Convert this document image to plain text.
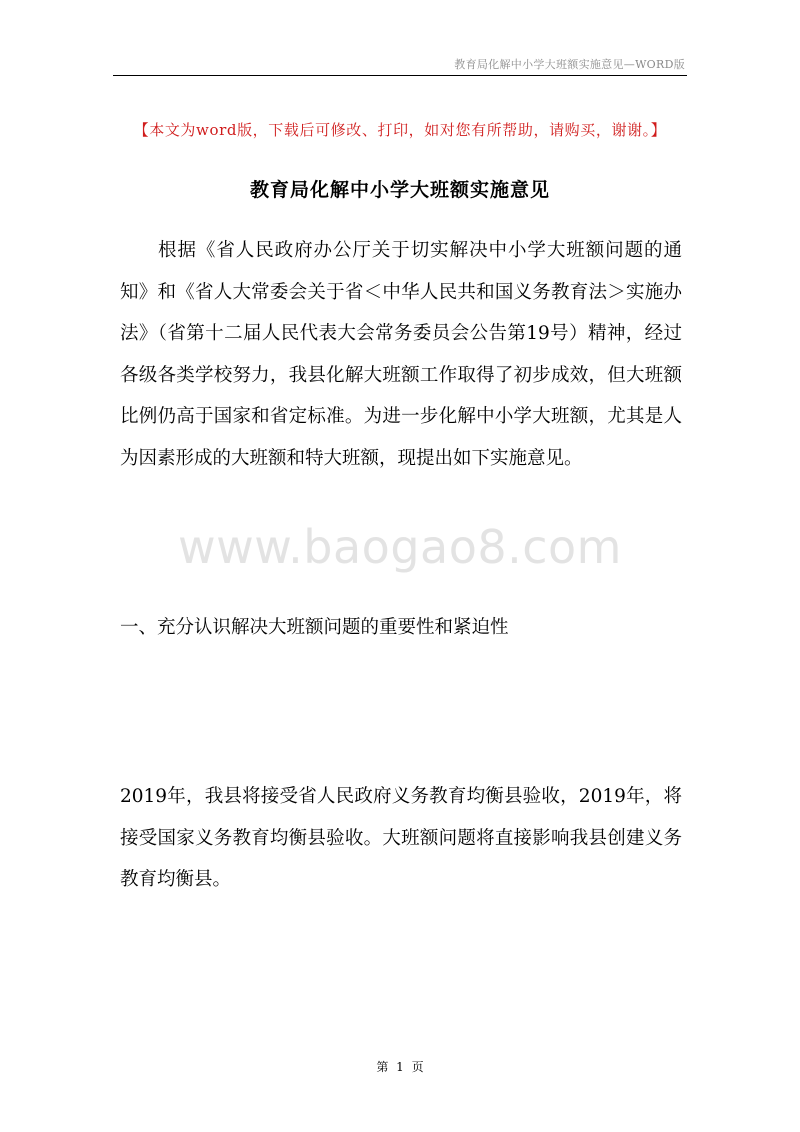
教育局化解中小学大班额实施意见—WORD版
【本文为word版，下载后可修改、打印，如对您有所帮助，请购买，谢谢。】
教育局化解中小学大班额实施意见

根据《省人民政府办公厅关于切实解决中小学大班额问题的通知》和《省人大常委会关于省＜中华人民共和国义务教育法＞实施办法》（省第十二届人民代表大会常务委员会公告第19号）精神，经过各级各类学校努力，我县化解大班额工作取得了初步成效，但大班额比例仍高于国家和省定标准。为进一步化解中小学大班额，尤其是人为因素形成的大班额和特大班额，现提出如下实施意见。

www.baogao8.com

一、充分认识解决大班额问题的重要性和紧迫性

2019年，我县将接受省人民政府义务教育均衡县验收，2019年，将接受国家义务教育均衡县验收。大班额问题将直接影响我县创建义务教育均衡县。

第 1 页
